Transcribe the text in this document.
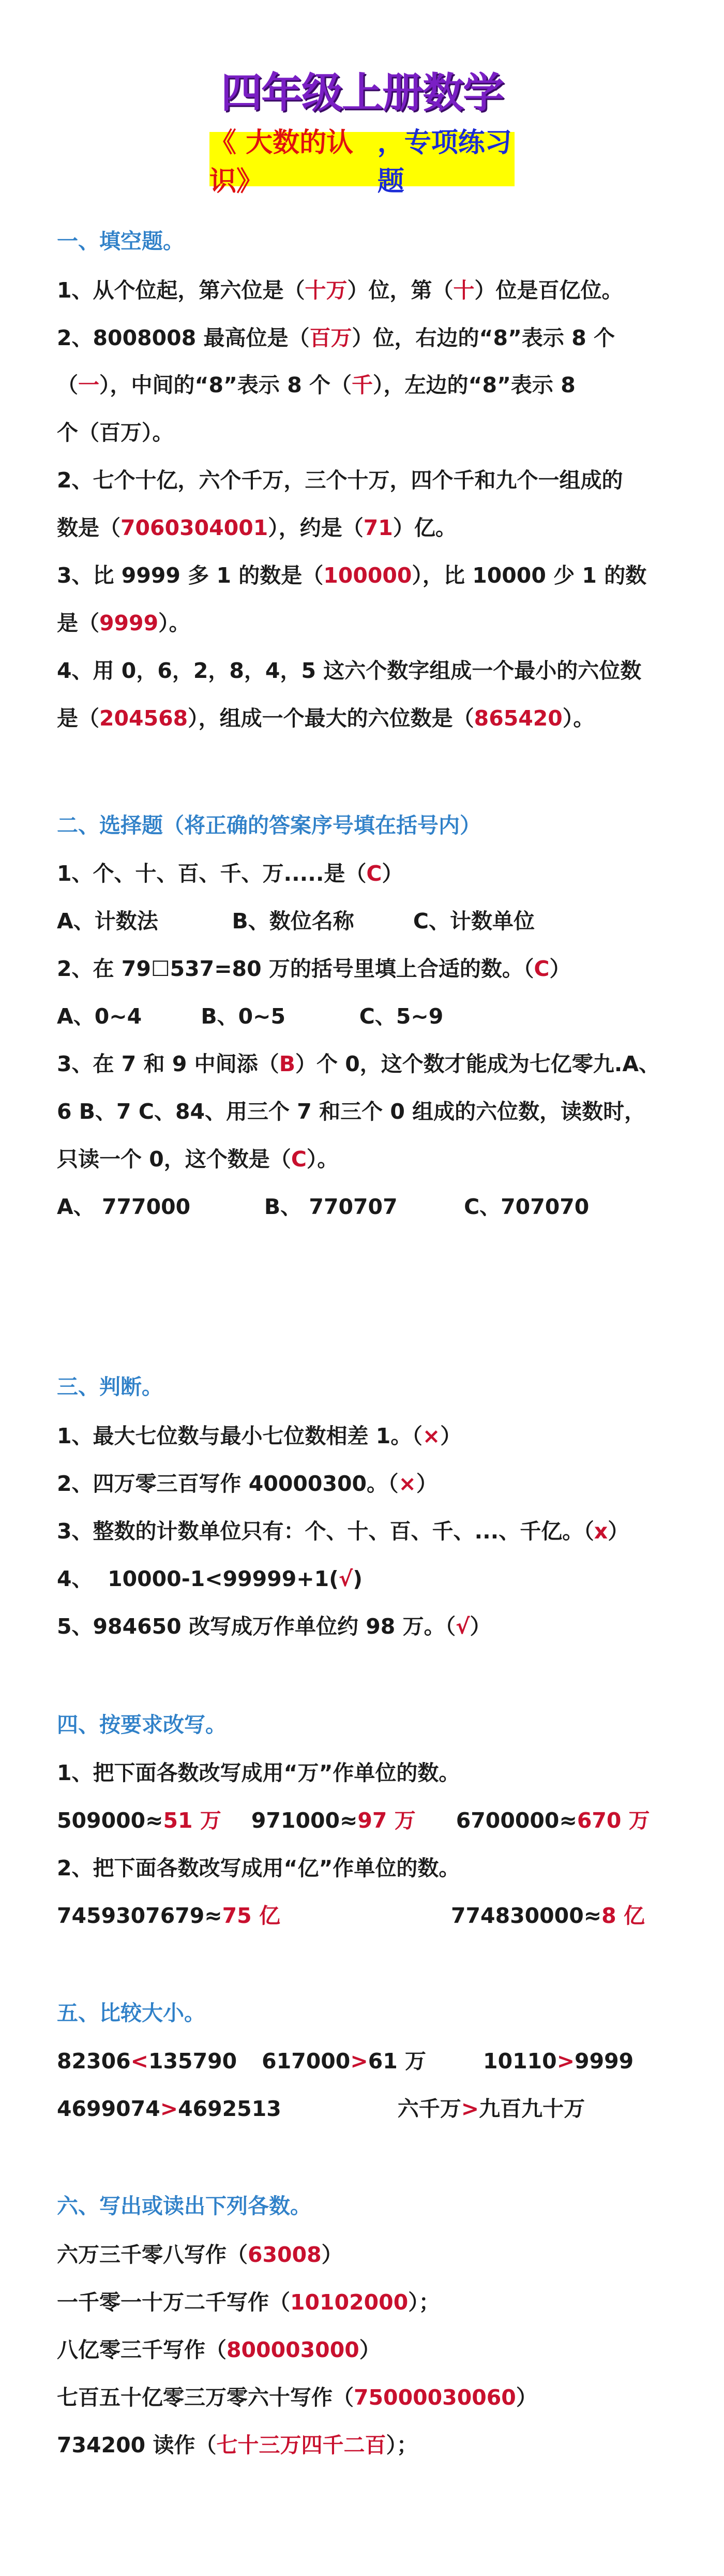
四年级上册数学
《 大数的认识》
，专项练习题
一、填空题。
1、从个位起，第六位是（十万）位，第（十）位是百亿位。
2、8008008 最高位是（百万）位，右边的“8”表示 8 个
（一），中间的“8”表示 8 个（千），左边的“8”表示 8
个（百万）。
2、七个十亿，六个千万，三个十万，四个千和九个一组成的
数是（7060304001），约是（71）亿。
3、比 9999 多 1 的数是（100000），比 10000 少 1 的数
是（9999）。
4、用 0，6，2，8，4，5 这六个数字组成一个最小的六位数
是（204568），组成一个最大的六位数是（865420）。
二、选择题（将正确的答案序号填在括号内）
1、个、十、百、千、万.....是（C）
A、计数法          B、数位名称        C、计数单位
2、在 79☐537=80 万的括号里填上合适的数。（C）
A、0~4        B、0~5          C、5~9
3、在 7 和 9 中间添（B）个 0，这个数才能成为七亿零九.A、
6 B、7 C、84、用三个 7 和三个 0 组成的六位数，读数时，
只读一个 0，这个数是（C）。
A、 777000          B、 770707         C、707070
三、判断。
1、最大七位数与最小七位数相差 1。（×）
2、四万零三百写作 40000300。（×）
3、整数的计数单位只有：个、十、百、千、...、千亿。（x）
4、  10000-1<99999+1(√)
5、984650 改写成万作单位约 98 万。（√）
四、按要求改写。
1、把下面各数改写成用“万”作单位的数。
509000≈51 万 971000≈97 万 6700000≈670 万
2、把下面各数改写成用“亿”作单位的数。
7459307679≈75 亿	774830000≈8 亿
五、比较大小。
82306<135790 617000>61 万	10110>9999
4699074>4692513	六千万>九百九十万
六、写出或读出下列各数。
六万三千零八写作（63008）
一千零一十万二千写作（10102000）；
八亿零三千写作（800003000）
七百五十亿零三万零六十写作（75000030060）
734200 读作（七十三万四千二百）；
